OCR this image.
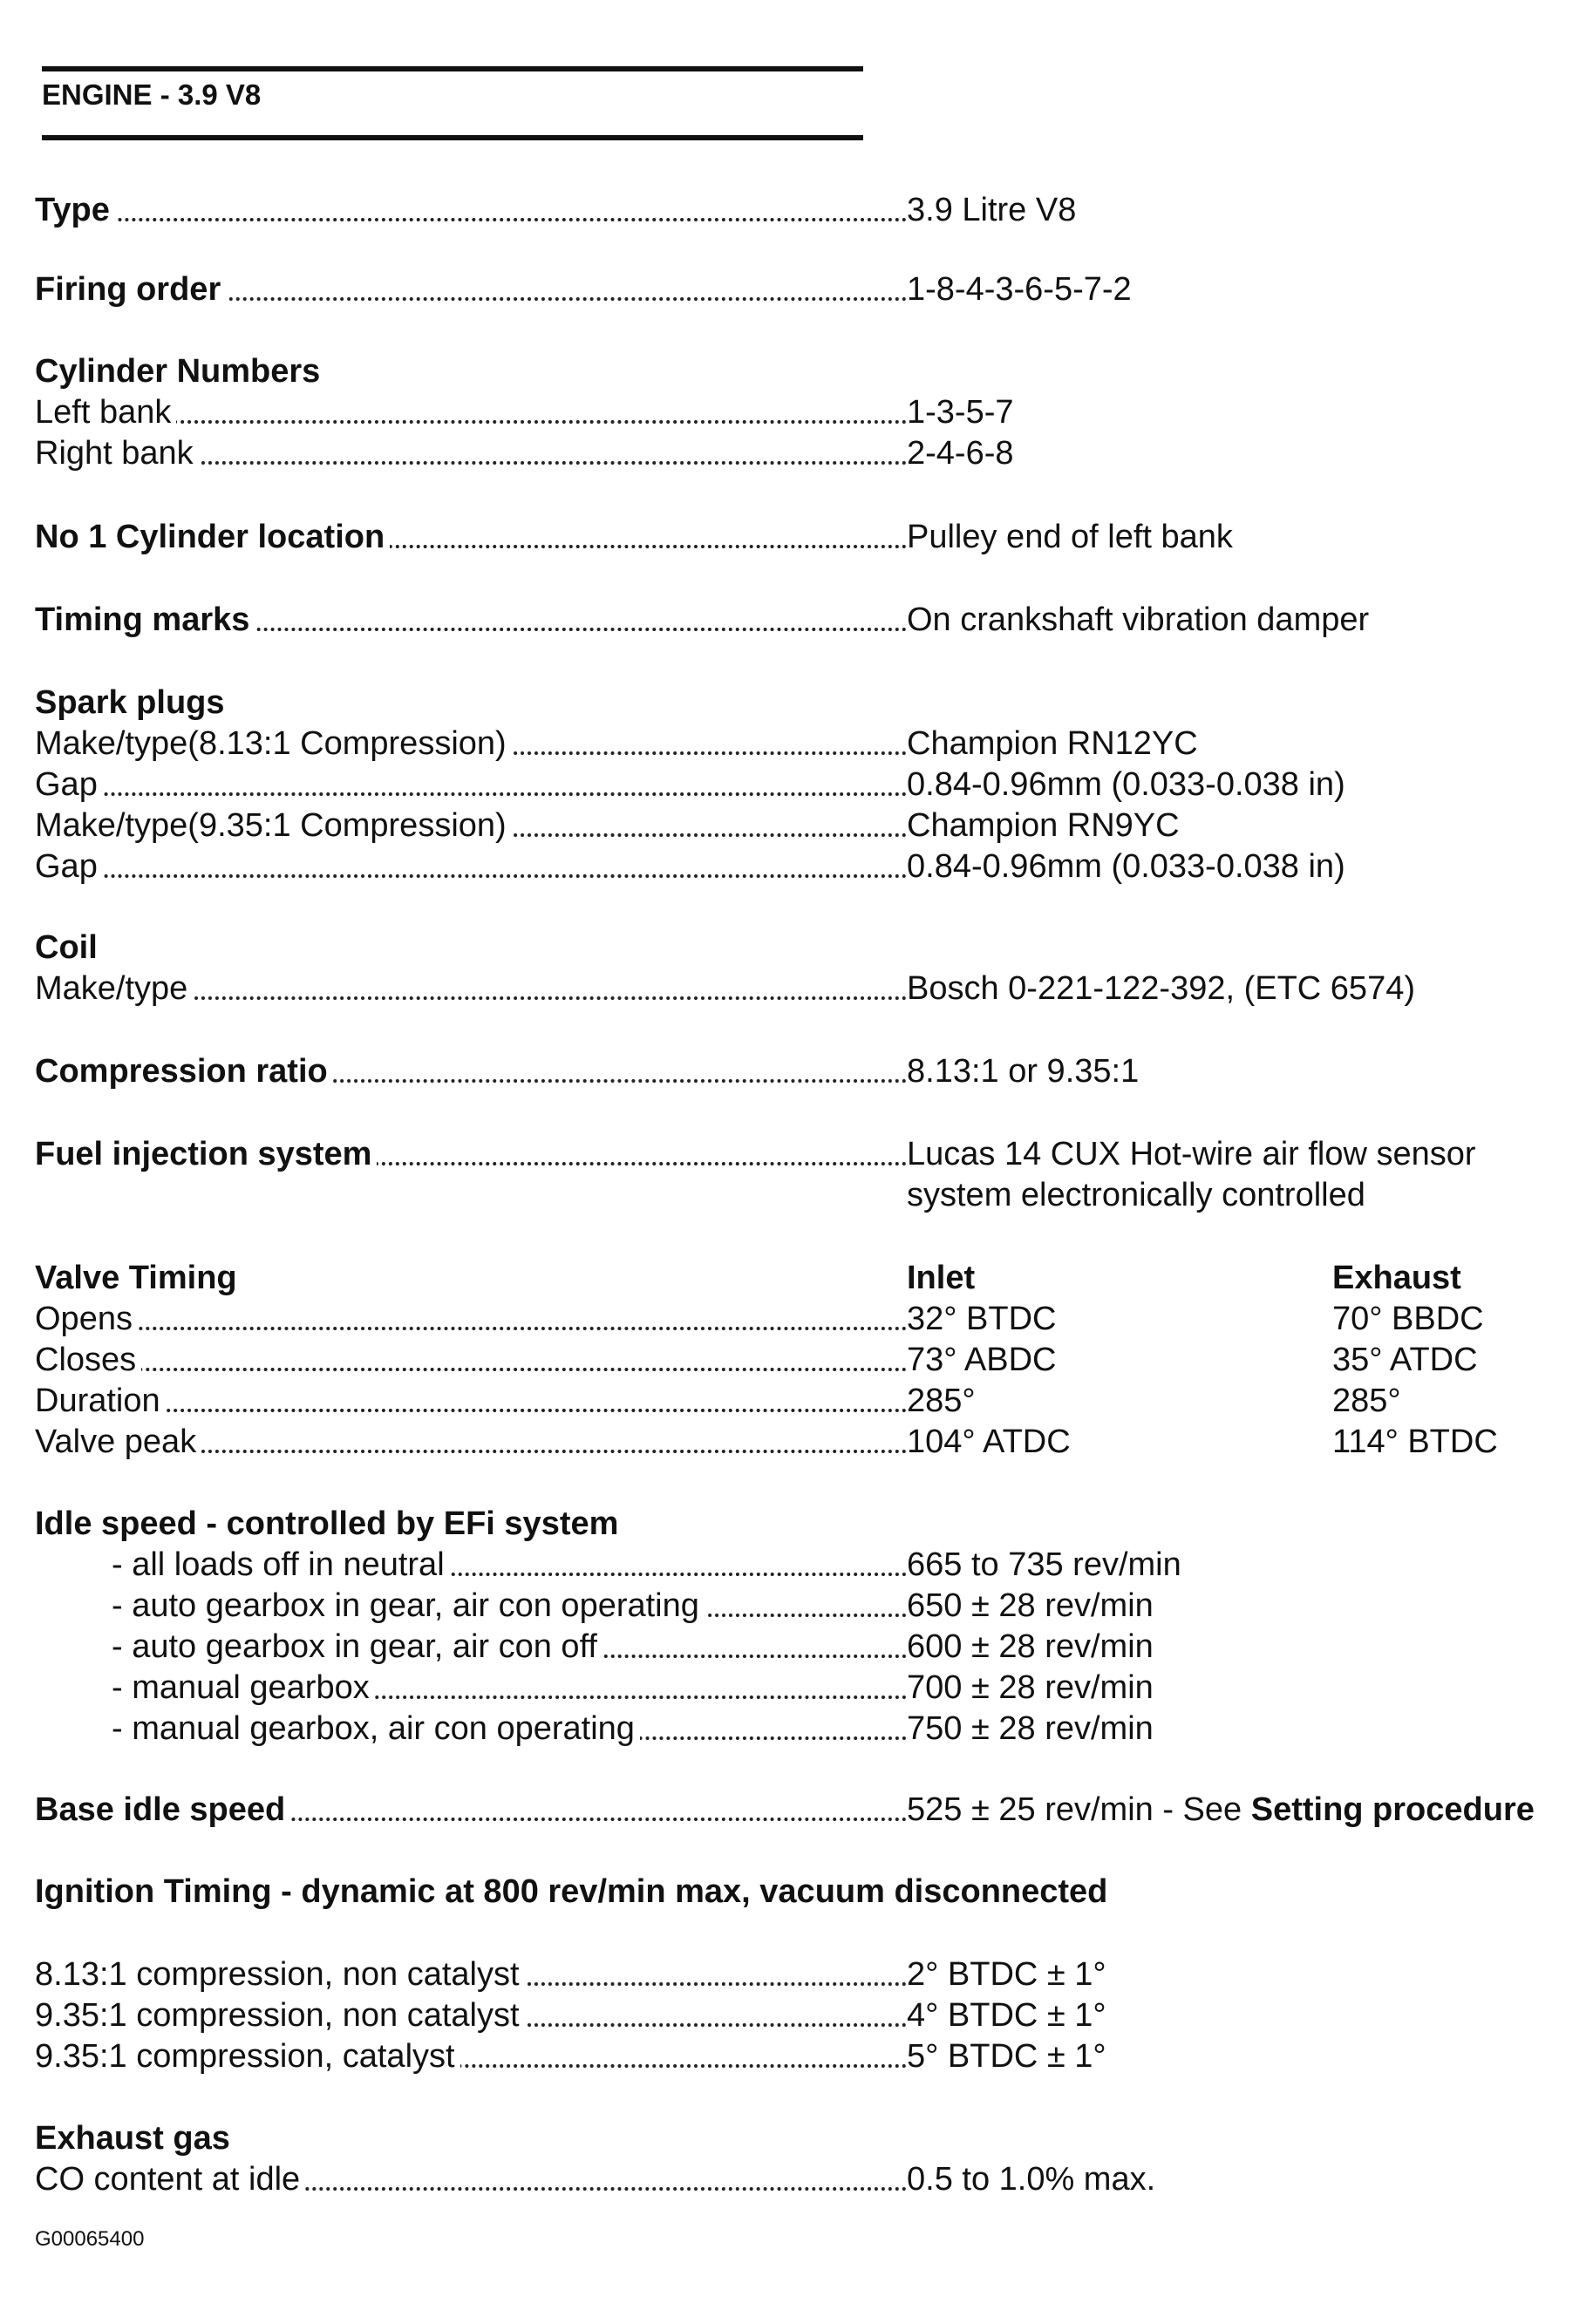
ENGINE - 3.9 V8
Type	3.9 Litre V8
Firing order	1-8-4-3-6-5-7-2
Cylinder Numbers
Left bank	1-3-5-7
Right bank	2-4-6-8
No 1 Cylinder location	Pulley end of left bank
Timing marks	On crankshaft vibration damper
Spark plugs
Make/type(8.13:1 Compression)	Champion RN12YC
Gap	0.84-0.96mm (0.033-0.038 in)
Make/type(9.35:1 Compression)	Champion RN9YC
Gap	0.84-0.96mm (0.033-0.038 in)
Coil
Make/type	Bosch 0-221-122-392, (ETC 6574)
Compression ratio	8.13:1 or 9.35:1
Fuel injection system	Lucas 14 CUX Hot-wire air flow sensor
system electronically controlled
Valve Timing	Inlet	Exhaust
Opens	32° BTDC	70° BBDC
Closes	73° ABDC	35° ATDC
Duration	285°	285°
Valve peak	104° ATDC	114° BTDC
Idle speed - controlled by EFi system
- all loads off in neutral	665 to 735 rev/min
- auto gearbox in gear, air con operating	650 ± 28 rev/min
- auto gearbox in gear, air con off	600 ± 28 rev/min
- manual gearbox	700 ± 28 rev/min
- manual gearbox, air con operating	750 ± 28 rev/min
Base idle speed	525 ± 25 rev/min - See Setting procedure
Ignition Timing - dynamic at 800 rev/min max, vacuum disconnected
8.13:1 compression, non catalyst	2° BTDC ± 1°
9.35:1 compression, non catalyst	4° BTDC ± 1°
9.35:1 compression, catalyst	5° BTDC ± 1°
Exhaust gas
CO content at idle	0.5 to 1.0% max.
G00065400
